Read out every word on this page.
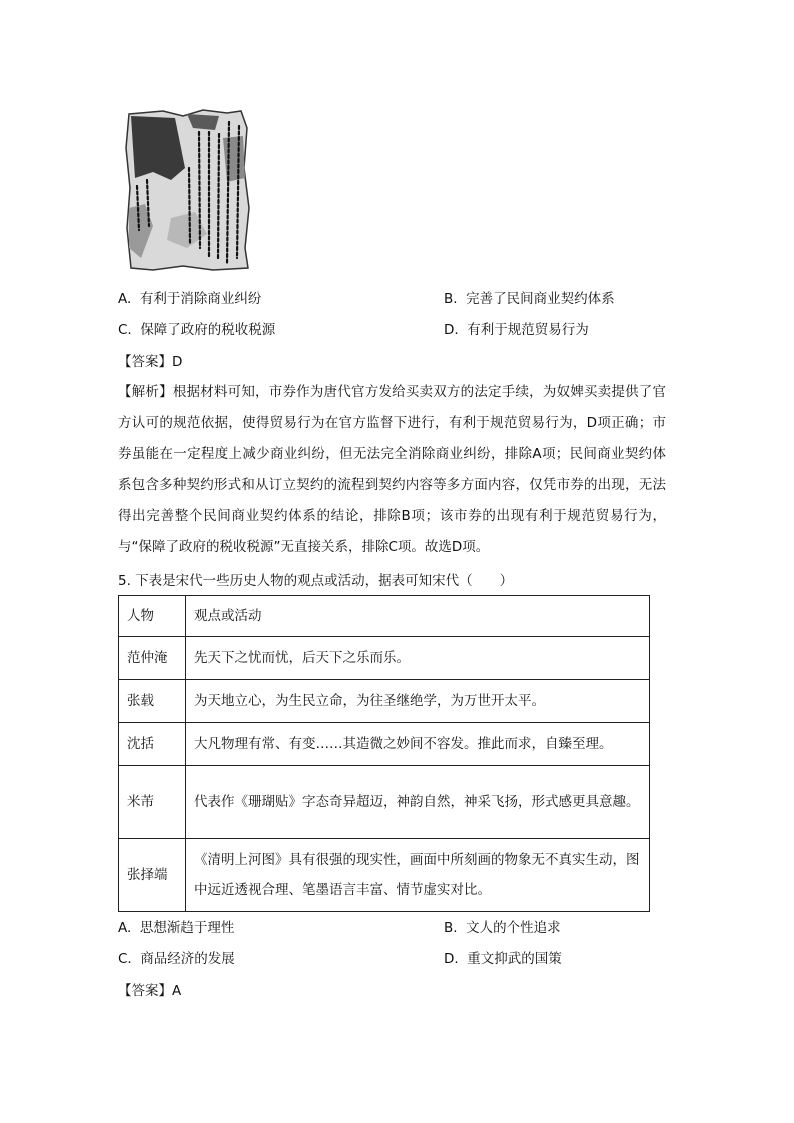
A. 有利于消除商业纠纷	B. 完善了民间商业契约体系
C. 保障了政府的税收税源	D. 有利于规范贸易行为
【答案】D
【解析】根据材料可知，市券作为唐代官方发给买卖双方的法定手续，为奴婢买卖提供了官方认可的规范依据，使得贸易行为在官方监督下进行，有利于规范贸易行为，D项正确；市券虽能在一定程度上减少商业纠纷，但无法完全消除商业纠纷，排除A项；民间商业契约体系包含多种契约形式和从订立契约的流程到契约内容等多方面内容，仅凭市券的出现，无法得出完善整个民间商业契约体系的结论，排除B项；该市券的出现有利于规范贸易行为，与“保障了政府的税收税源”无直接关系，排除C项。故选D项。
5. 下表是宋代一些历史人物的观点或活动，据表可知宋代（　　）
人物	观点或活动
范仲淹	先天下之忧而忧，后天下之乐而乐。
张载	为天地立心，为生民立命，为往圣继绝学，为万世开太平。
沈括	大凡物理有常、有变……其造微之妙间不容发。推此而求，自臻至理。
米芾	代表作《珊瑚贴》字态奇异超迈，神韵自然，神采飞扬，形式感更具意趣。
张择端	《清明上河图》具有很强的现实性，画面中所刻画的物象无不真实生动，图中远近透视合理、笔墨语言丰富、情节虚实对比。
A. 思想渐趋于理性	B. 文人的个性追求
C. 商品经济的发展	D. 重文抑武的国策
【答案】A
